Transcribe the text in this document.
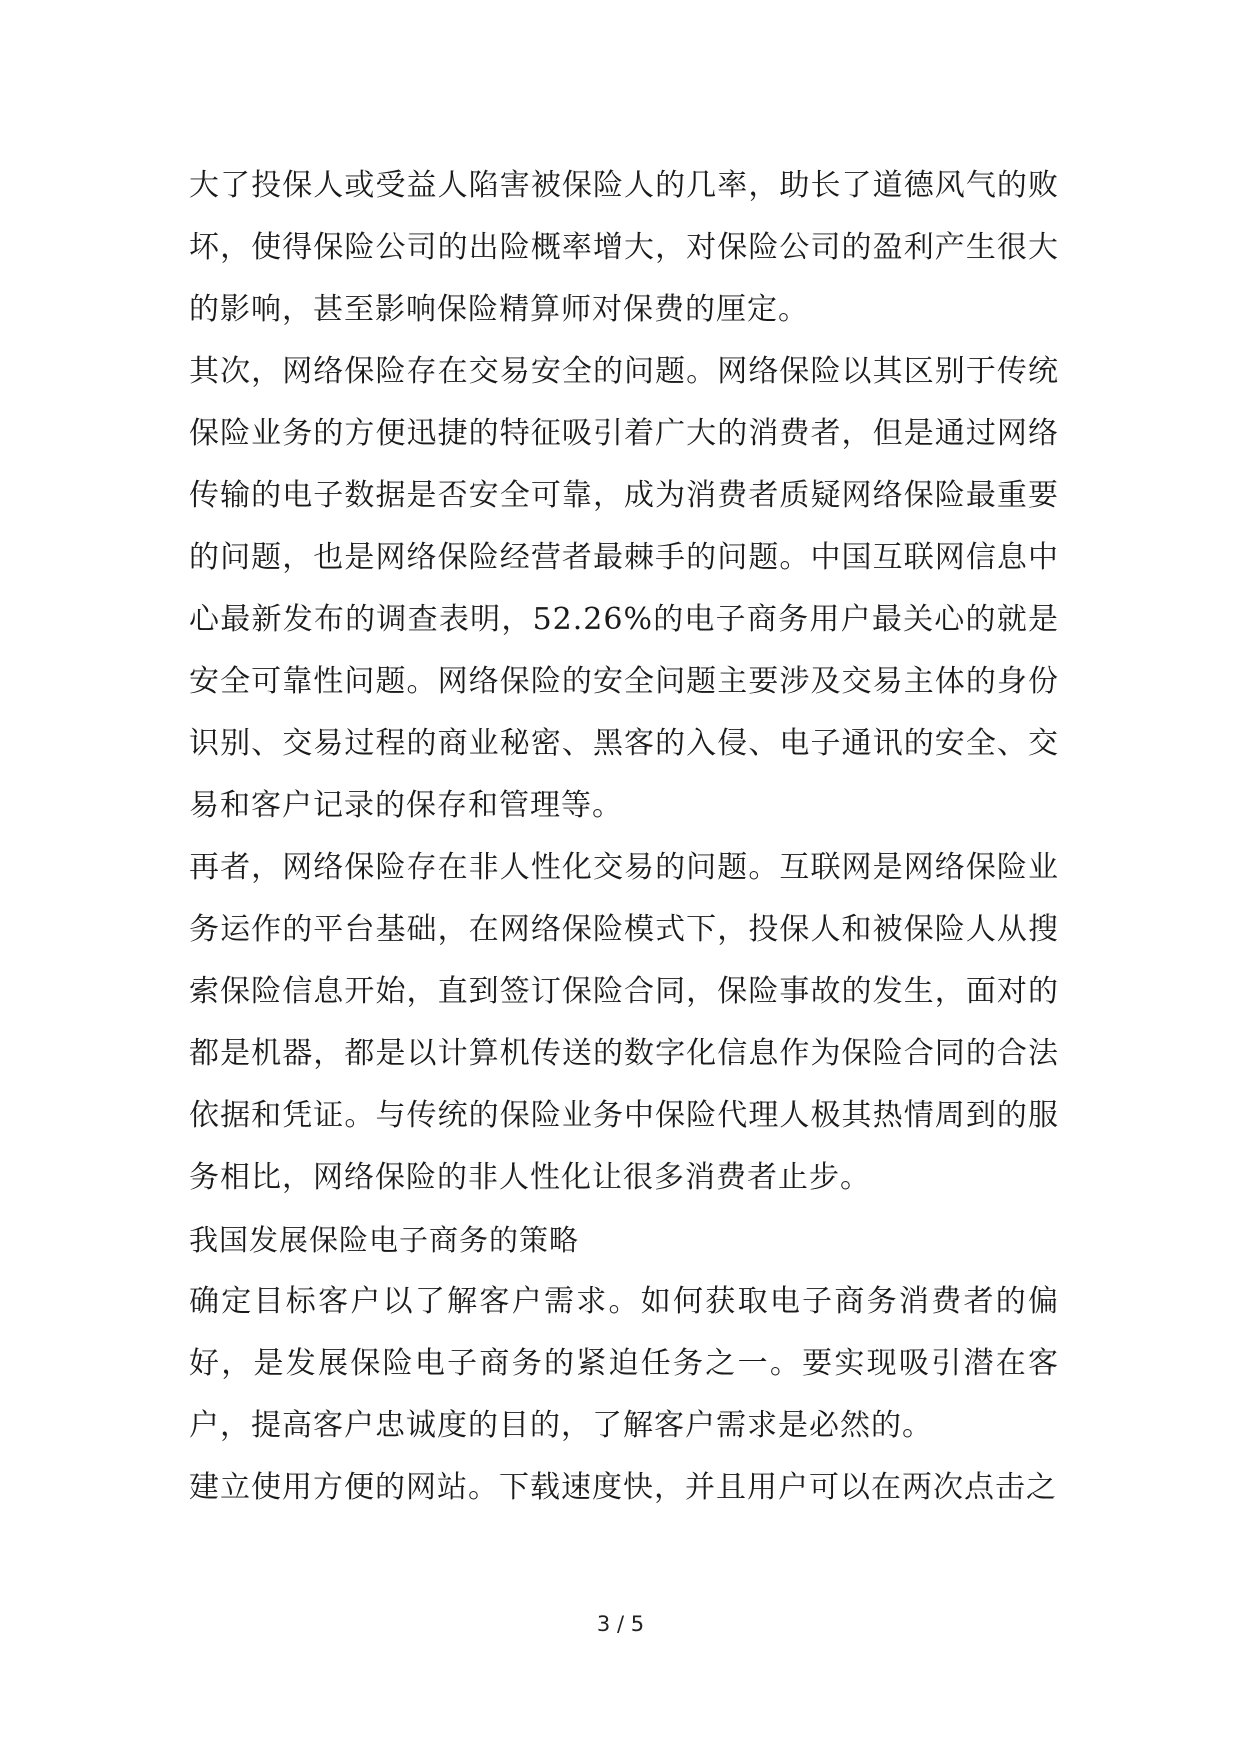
大了投保人或受益人陷害被保险人的几率，助长了道德风气的败坏，使得保险公司的出险概率增大，对保险公司的盈利产生很大的影响，甚至影响保险精算师对保费的厘定。

其次，网络保险存在交易安全的问题。网络保险以其区别于传统保险业务的方便迅捷的特征吸引着广大的消费者，但是通过网络传输的电子数据是否安全可靠，成为消费者质疑网络保险最重要的问题，也是网络保险经营者最棘手的问题。中国互联网信息中心最新发布的调查表明，52.26%的电子商务用户最关心的就是安全可靠性问题。网络保险的安全问题主要涉及交易主体的身份识别、交易过程的商业秘密、黑客的入侵、电子通讯的安全、交易和客户记录的保存和管理等。

再者，网络保险存在非人性化交易的问题。互联网是网络保险业务运作的平台基础，在网络保险模式下，投保人和被保险人从搜索保险信息开始，直到签订保险合同，保险事故的发生，面对的都是机器，都是以计算机传送的数字化信息作为保险合同的合法依据和凭证。与传统的保险业务中保险代理人极其热情周到的服务相比，网络保险的非人性化让很多消费者止步。

我国发展保险电子商务的策略

确定目标客户以了解客户需求。如何获取电子商务消费者的偏好，是发展保险电子商务的紧迫任务之一。要实现吸引潜在客户，提高客户忠诚度的目的，了解客户需求是必然的。

建立使用方便的网站。下载速度快，并且用户可以在两次点击之

3 / 5
